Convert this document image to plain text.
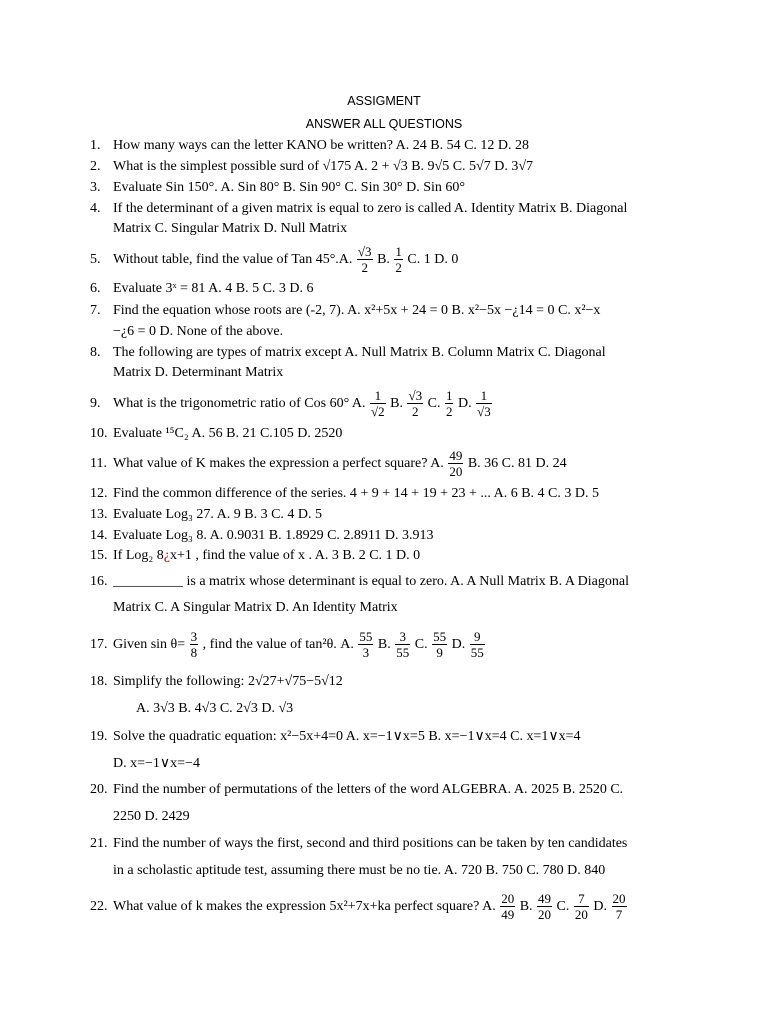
ASSIGMENT
ANSWER ALL QUESTIONS
1. How many ways can the letter KANO be written? A. 24 B. 54 C. 12 D. 28
2. What is the simplest possible surd of √175 A. 2 + √3 B. 9√5 C. 5√7 D. 3√7
3. Evaluate Sin 150°. A. Sin 80° B. Sin 90° C. Sin 30° D. Sin 60°
4. If the determinant of a given matrix is equal to zero is called A. Identity Matrix B. Diagonal
Matrix C. Singular Matrix D. Null Matrix
5. Without table, find the value of Tan 45°.A. $\frac{√3}{2} B$. $\frac{1}{2} C$. 1 D. 0
6. Evaluate 3ˣ = 81 A. 4 B. 5 C. 3 D. 6
7. Find the equation whose roots are (-2, 7). A. x²+5x + 24 = 0 B. x²−5x −¿14 = 0 C. x²−x
−¿6 = 0 D. None of the above.
8. The following are types of matrix except A. Null Matrix B. Column Matrix C. Diagonal
Matrix D. Determinant Matrix
9. What is the trigonometric ratio of Cos 60° A. $\frac{1}{√2} B$. $\frac{√3}{2} C$. $\frac{1}{2} D$. $\frac{1}{√3}$
10. Evaluate ¹⁵C₂ A. 56 B. 21 C.105 D. 2520
11. What value of K makes the expression a perfect square? A. $\frac{49}{20} B$. 36 C. 81 D. 24
12. Find the common difference of the series. 4 + 9 + 14 + 19 + 23 + ... A. 6 B. 4 C. 3 D. 5
13. Evaluate Log₃ 27. A. 9 B. 3 C. 4 D. 5
14. Evaluate Log₃ 8. A. 0.9031 B. 1.8929 C. 2.8911 D. 3.913
15. If Log₂ 8¿x+1 , find the value of x . A. 3 B. 2 C. 1 D. 0
16. __________ is a matrix whose determinant is equal to zero. A. A Null Matrix B. A Diagonal
Matrix C. A Singular Matrix D. An Identity Matrix
17. Given $\sin \theta= \frac{3}{8}$ , find the value of tan²θ. A. $\frac{55}{3} B$. $\frac{3}{55} C$. $\frac{55}{9} D$. $\frac{9}{55}$
18. Simplify the following: 2√27+√75−5√12
A. 3√3 B. 4√3 C. 2√3 D. √3
19. Solve the quadratic equation: x²−5x+4=0 A. x=−1∨x=5 B. x=−1∨x=4 C. x=1∨x=4
D. x=−1∨x=−4
20. Find the number of permutations of the letters of the word ALGEBRA. A. 2025 B. 2520 C.
2250 D. 2429
21. Find the number of ways the first, second and third positions can be taken by ten candidates
in a scholastic aptitude test, assuming there must be no tie. A. 720 B. 750 C. 780 D. 840
22. What value of k makes the expression 5x²+7x+ka perfect square? A. $\frac{20}{49} B$. $\frac{49}{20} C$. $\frac{7}{20} D$. $\frac{20}{7}$
